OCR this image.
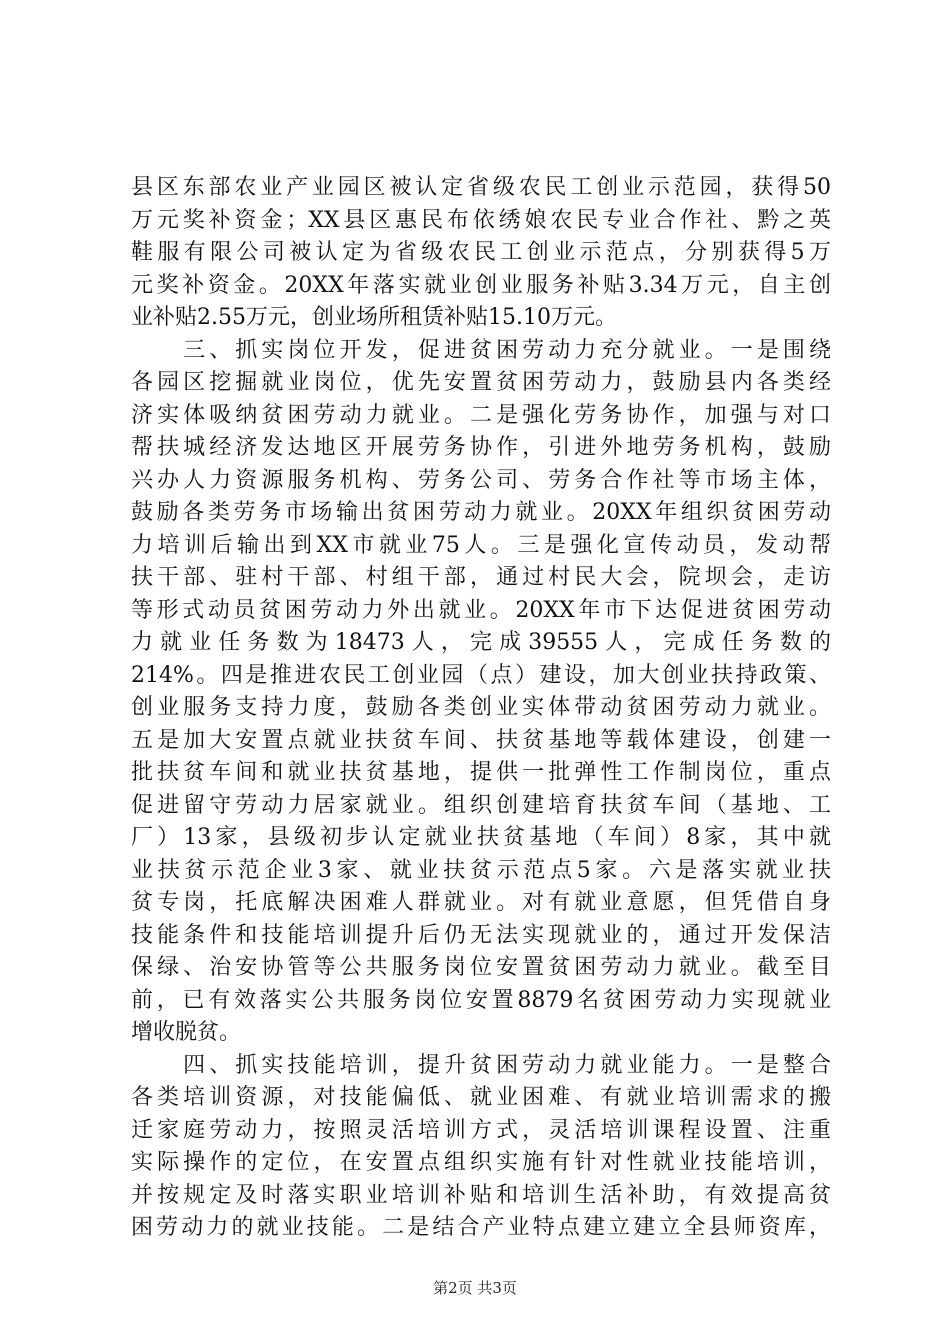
县区东部农业产业园区被认定省级农民工创业示范园，获得50
万元奖补资金；XX县区惠民布依绣娘农民专业合作社、黔之英
鞋服有限公司被认定为省级农民工创业示范点，分别获得5万
元奖补资金。20XX年落实就业创业服务补贴3.34万元，自主创
业补贴2.55万元，创业场所租赁补贴15.10万元。
　　三、抓实岗位开发，促进贫困劳动力充分就业。一是围绕
各园区挖掘就业岗位，优先安置贫困劳动力，鼓励县内各类经
济实体吸纳贫困劳动力就业。二是强化劳务协作，加强与对口
帮扶城经济发达地区开展劳务协作，引进外地劳务机构，鼓励
兴办人力资源服务机构、劳务公司、劳务合作社等市场主体，
鼓励各类劳务市场输出贫困劳动力就业。20XX年组织贫困劳动
力培训后输出到XX市就业75人。三是强化宣传动员，发动帮
扶干部、驻村干部、村组干部，通过村民大会，院坝会，走访
等形式动员贫困劳动力外出就业。20XX年市下达促进贫困劳动
力就业任务数为18473人，完成39555人，完成任务数的
214%。四是推进农民工创业园（点）建设，加大创业扶持政策、
创业服务支持力度，鼓励各类创业实体带动贫困劳动力就业。
五是加大安置点就业扶贫车间、扶贫基地等载体建设，创建一
批扶贫车间和就业扶贫基地，提供一批弹性工作制岗位，重点
促进留守劳动力居家就业。组织创建培育扶贫车间（基地、工
厂）13家，县级初步认定就业扶贫基地（车间）8家，其中就
业扶贫示范企业3家、就业扶贫示范点5家。六是落实就业扶
贫专岗，托底解决困难人群就业。对有就业意愿，但凭借自身
技能条件和技能培训提升后仍无法实现就业的，通过开发保洁
保绿、治安协管等公共服务岗位安置贫困劳动力就业。截至目
前，已有效落实公共服务岗位安置8879名贫困劳动力实现就业
增收脱贫。
　　四、抓实技能培训，提升贫困劳动力就业能力。一是整合
各类培训资源，对技能偏低、就业困难、有就业培训需求的搬
迁家庭劳动力，按照灵活培训方式，灵活培训课程设置、注重
实际操作的定位，在安置点组织实施有针对性就业技能培训，
并按规定及时落实职业培训补贴和培训生活补助，有效提高贫
困劳动力的就业技能。二是结合产业特点建立建立全县师资库，
第2页 共3页
